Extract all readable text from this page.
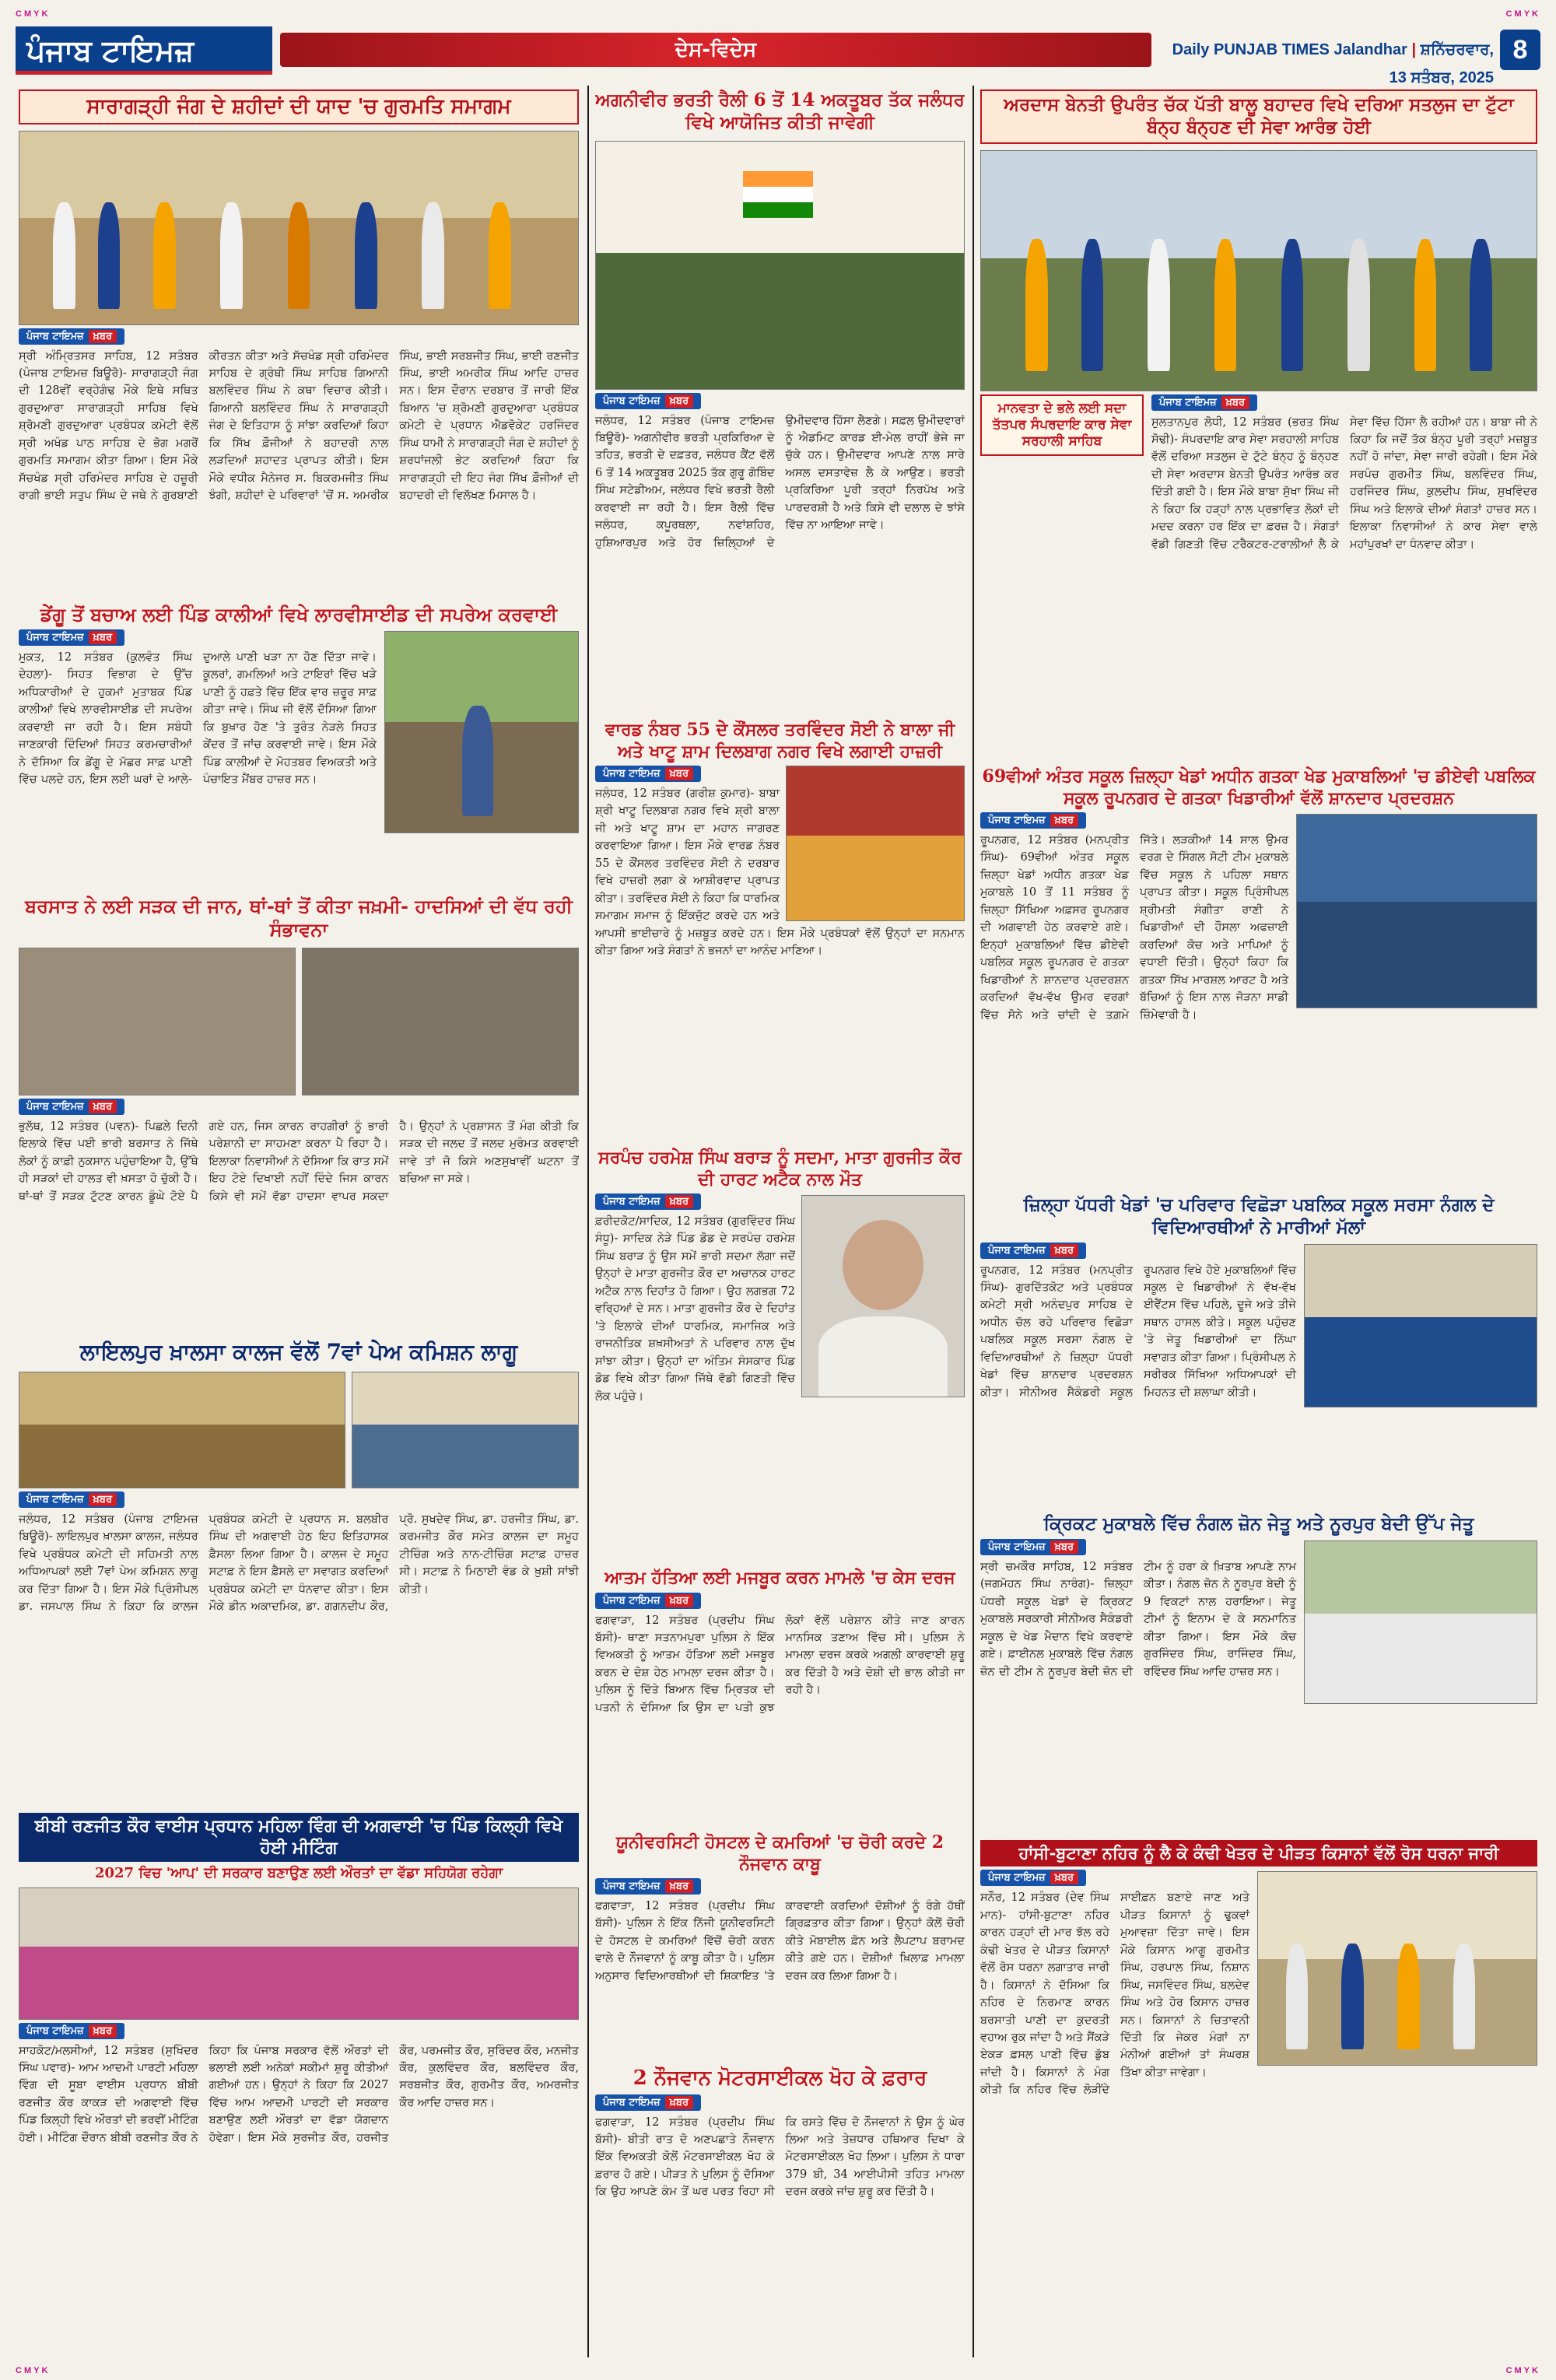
CMYK	CMYK
CMYK	CMYK
ਪੰਜਾਬ ਟਾਇਮਜ਼	ਦੇਸ-ਵਿਦੇਸ	Daily PUNJAB TIMES Jalandhar | ਸ਼ਨਿੱਚਰਵਾਰ, 13 ਸਤੰਬਰ, 2025
8
ਸਾਰਾਗੜ੍ਹੀ ਜੰਗ ਦੇ ਸ਼ਹੀਦਾਂ ਦੀ ਯਾਦ 'ਚ ਗੁਰਮਤਿ ਸਮਾਗਮ
ਪੰਜਾਬ ਟਾਇਮਜ਼ ਖ਼ਬਰ
ਸ੍ਰੀ ਅੰਮ੍ਰਿਤਸਰ ਸਾਹਿਬ, 12 ਸਤੰਬਰ (ਪੰਜਾਬ ਟਾਇਮਜ਼ ਬਿਊਰੋ)- ਸਾਰਾਗੜ੍ਹੀ ਜੰਗ ਦੀ 128ਵੀਂ ਵਰ੍ਹੇਗੰਢ ਮੌਕੇ ਇਥੇ ਸਥਿਤ ਗੁਰਦੁਆਰਾ ਸਾਰਾਗੜ੍ਹੀ ਸਾਹਿਬ ਵਿਖੇ ਸ਼੍ਰੋਮਣੀ ਗੁਰਦੁਆਰਾ ਪ੍ਰਬੰਧਕ ਕਮੇਟੀ ਵੱਲੋਂ ਸ੍ਰੀ ਅਖੰਡ ਪਾਠ ਸਾਹਿਬ ਦੇ ਭੋਗ ਮਗਰੋਂ ਗੁਰਮਤਿ ਸਮਾਗਮ ਕੀਤਾ ਗਿਆ। ਇਸ ਮੌਕੇ ਸੱਚਖੰਡ ਸ੍ਰੀ ਹਰਿਮੰਦਰ ਸਾਹਿਬ ਦੇ ਹਜ਼ੂਰੀ ਰਾਗੀ ਭਾਈ ਸਤੁਪ ਸਿੰਘ ਦੇ ਜਥੇ ਨੇ ਗੁਰਬਾਣੀ ਕੀਰਤਨ ਕੀਤਾ ਅਤੇ ਸੱਚਖੰਡ ਸ੍ਰੀ ਹਰਿਮੰਦਰ ਸਾਹਿਬ ਦੇ ਗ੍ਰੰਥੀ ਸਿੰਘ ਸਾਹਿਬ ਗਿਆਨੀ ਬਲਵਿੰਦਰ ਸਿੰਘ ਨੇ ਕਥਾ ਵਿਚਾਰ ਕੀਤੀ। ਗਿਆਨੀ ਬਲਵਿੰਦਰ ਸਿੰਘ ਨੇ ਸਾਰਾਗੜ੍ਹੀ ਜੰਗ ਦੇ ਇਤਿਹਾਸ ਨੂੰ ਸਾਂਝਾ ਕਰਦਿਆਂ ਕਿਹਾ ਕਿ ਸਿੱਖ ਫ਼ੌਜੀਆਂ ਨੇ ਬਹਾਦਰੀ ਨਾਲ ਲੜਦਿਆਂ ਸ਼ਹਾਦਤ ਪ੍ਰਾਪਤ ਕੀਤੀ। ਇਸ ਮੌਕੇ ਵਧੀਕ ਮੈਨੇਜਰ ਸ. ਬਿਕਰਮਜੀਤ ਸਿੰਘ ਝੰਗੀ, ਸ਼ਹੀਦਾਂ ਦੇ ਪਰਿਵਾਰਾਂ 'ਚੋਂ ਸ. ਅਮਰੀਕ ਸਿੰਘ, ਭਾਈ ਸਰਬਜੀਤ ਸਿੰਘ, ਭਾਈ ਰਣਜੀਤ ਸਿੰਘ, ਭਾਈ ਅਮਰੀਕ ਸਿੰਘ ਆਦਿ ਹਾਜ਼ਰ ਸਨ। ਇਸ ਦੌਰਾਨ ਦਰਬਾਰ ਤੋਂ ਜਾਰੀ ਇੱਕ ਬਿਆਨ 'ਚ ਸ਼੍ਰੋਮਣੀ ਗੁਰਦੁਆਰਾ ਪ੍ਰਬੰਧਕ ਕਮੇਟੀ ਦੇ ਪ੍ਰਧਾਨ ਐਡਵੋਕੇਟ ਹਰਜਿੰਦਰ ਸਿੰਘ ਧਾਮੀ ਨੇ ਸਾਰਾਗੜ੍ਹੀ ਜੰਗ ਦੇ ਸ਼ਹੀਦਾਂ ਨੂੰ ਸ਼ਰਧਾਂਜਲੀ ਭੇਟ ਕਰਦਿਆਂ ਕਿਹਾ ਕਿ ਸਾਰਾਗੜ੍ਹੀ ਦੀ ਇਹ ਜੰਗ ਸਿੱਖ ਫ਼ੌਜੀਆਂ ਦੀ ਬਹਾਦਰੀ ਦੀ ਵਿਲੱਖਣ ਮਿਸਾਲ ਹੈ।
ਡੇਂਗੂ ਤੋਂ ਬਚਾਅ ਲਈ ਪਿੰਡ ਕਾਲੀਆਂ ਵਿਖੇ ਲਾਰਵੀਸਾਈਡ ਦੀ ਸਪਰੇਅ ਕਰਵਾਈ
ਪੰਜਾਬ ਟਾਇਮਜ਼ ਖ਼ਬਰ
ਮੁਕਤ, 12 ਸਤੰਬਰ (ਕੁਲਵੰਤ ਸਿੰਘ ਦੇਹਲਾ)- ਸਿਹਤ ਵਿਭਾਗ ਦੇ ਉੱਚ ਅਧਿਕਾਰੀਆਂ ਦੇ ਹੁਕਮਾਂ ਮੁਤਾਬਕ ਪਿੰਡ ਕਾਲੀਆਂ ਵਿਖੇ ਲਾਰਵੀਸਾਈਡ ਦੀ ਸਪਰੇਅ ਕਰਵਾਈ ਜਾ ਰਹੀ ਹੈ। ਇਸ ਸਬੰਧੀ ਜਾਣਕਾਰੀ ਦਿੰਦਿਆਂ ਸਿਹਤ ਕਰਮਚਾਰੀਆਂ ਨੇ ਦੱਸਿਆ ਕਿ ਡੇਂਗੂ ਦੇ ਮੱਛਰ ਸਾਫ਼ ਪਾਣੀ ਵਿੱਚ ਪਲਦੇ ਹਨ, ਇਸ ਲਈ ਘਰਾਂ ਦੇ ਆਲੇ-ਦੁਆਲੇ ਪਾਣੀ ਖੜਾ ਨਾ ਹੋਣ ਦਿੱਤਾ ਜਾਵੇ। ਕੂਲਰਾਂ, ਗਮਲਿਆਂ ਅਤੇ ਟਾਇਰਾਂ ਵਿੱਚ ਖੜੇ ਪਾਣੀ ਨੂੰ ਹਫ਼ਤੇ ਵਿੱਚ ਇੱਕ ਵਾਰ ਜ਼ਰੂਰ ਸਾਫ਼ ਕੀਤਾ ਜਾਵੇ। ਸਿੰਘ ਜੀ ਵੱਲੋਂ ਦੱਸਿਆ ਗਿਆ ਕਿ ਬੁਖ਼ਾਰ ਹੋਣ 'ਤੇ ਤੁਰੰਤ ਨੇੜਲੇ ਸਿਹਤ ਕੇਂਦਰ ਤੋਂ ਜਾਂਚ ਕਰਵਾਈ ਜਾਵੇ। ਇਸ ਮੌਕੇ ਪਿੰਡ ਕਾਲੀਆਂ ਦੇ ਮੋਹਤਬਰ ਵਿਅਕਤੀ ਅਤੇ ਪੰਚਾਇਤ ਮੈਂਬਰ ਹਾਜ਼ਰ ਸਨ।
ਬਰਸਾਤ ਨੇ ਲਈ ਸੜਕ ਦੀ ਜਾਨ, ਥਾਂ-ਥਾਂ ਤੋਂ ਕੀਤਾ ਜਖ਼ਮੀ- ਹਾਦਸਿਆਂ ਦੀ ਵੱਧ ਰਹੀ ਸੰਭਾਵਨਾ
ਪੰਜਾਬ ਟਾਇਮਜ਼ ਖ਼ਬਰ
ਭੁਲੱਥ, 12 ਸਤੰਬਰ (ਪਵਨ)- ਪਿਛਲੇ ਦਿਨੀ ਇਲਾਕੇ ਵਿੱਚ ਪਈ ਭਾਰੀ ਬਰਸਾਤ ਨੇ ਜਿੱਥੇ ਲੋਕਾਂ ਨੂੰ ਕਾਫ਼ੀ ਨੁਕਸਾਨ ਪਹੁੰਚਾਇਆ ਹੈ, ਉੱਥੇ ਹੀ ਸੜਕਾਂ ਦੀ ਹਾਲਤ ਵੀ ਖ਼ਸਤਾ ਹੋ ਚੁੱਕੀ ਹੈ। ਥਾਂ-ਥਾਂ ਤੋਂ ਸੜਕ ਟੁੱਟਣ ਕਾਰਨ ਡੂੰਘੇ ਟੋਏ ਪੈ ਗਏ ਹਨ, ਜਿਸ ਕਾਰਨ ਰਾਹਗੀਰਾਂ ਨੂੰ ਭਾਰੀ ਪਰੇਸ਼ਾਨੀ ਦਾ ਸਾਹਮਣਾ ਕਰਨਾ ਪੈ ਰਿਹਾ ਹੈ। ਇਲਾਕਾ ਨਿਵਾਸੀਆਂ ਨੇ ਦੱਸਿਆ ਕਿ ਰਾਤ ਸਮੇਂ ਇਹ ਟੋਏ ਦਿਖਾਈ ਨਹੀਂ ਦਿੰਦੇ ਜਿਸ ਕਾਰਨ ਕਿਸੇ ਵੀ ਸਮੇਂ ਵੱਡਾ ਹਾਦਸਾ ਵਾਪਰ ਸਕਦਾ ਹੈ। ਉਨ੍ਹਾਂ ਨੇ ਪ੍ਰਸ਼ਾਸਨ ਤੋਂ ਮੰਗ ਕੀਤੀ ਕਿ ਸੜਕ ਦੀ ਜਲਦ ਤੋਂ ਜਲਦ ਮੁਰੰਮਤ ਕਰਵਾਈ ਜਾਵੇ ਤਾਂ ਜੋ ਕਿਸੇ ਅਣਸੁਖਾਵੀਂ ਘਟਨਾ ਤੋਂ ਬਚਿਆ ਜਾ ਸਕੇ।
ਲਾਇਲਪੁਰ ਖ਼ਾਲਸਾ ਕਾਲਜ ਵੱਲੋਂ 7ਵਾਂ ਪੇਅ ਕਮਿਸ਼ਨ ਲਾਗੂ
ਪੰਜਾਬ ਟਾਇਮਜ਼ ਖ਼ਬਰ
ਜਲੰਧਰ, 12 ਸਤੰਬਰ (ਪੰਜਾਬ ਟਾਇਮਜ਼ ਬਿਊਰੋ)- ਲਾਇਲਪੁਰ ਖ਼ਾਲਸਾ ਕਾਲਜ, ਜਲੰਧਰ ਵਿਖੇ ਪ੍ਰਬੰਧਕ ਕਮੇਟੀ ਦੀ ਸਹਿਮਤੀ ਨਾਲ ਅਧਿਆਪਕਾਂ ਲਈ 7ਵਾਂ ਪੇਅ ਕਮਿਸ਼ਨ ਲਾਗੂ ਕਰ ਦਿੱਤਾ ਗਿਆ ਹੈ। ਇਸ ਮੌਕੇ ਪ੍ਰਿੰਸੀਪਲ ਡਾ. ਜਸਪਾਲ ਸਿੰਘ ਨੇ ਕਿਹਾ ਕਿ ਕਾਲਜ ਪ੍ਰਬੰਧਕ ਕਮੇਟੀ ਦੇ ਪ੍ਰਧਾਨ ਸ. ਬਲਬੀਰ ਸਿੰਘ ਦੀ ਅਗਵਾਈ ਹੇਠ ਇਹ ਇਤਿਹਾਸਕ ਫ਼ੈਸਲਾ ਲਿਆ ਗਿਆ ਹੈ। ਕਾਲਜ ਦੇ ਸਮੂਹ ਸਟਾਫ਼ ਨੇ ਇਸ ਫ਼ੈਸਲੇ ਦਾ ਸਵਾਗਤ ਕਰਦਿਆਂ ਪ੍ਰਬੰਧਕ ਕਮੇਟੀ ਦਾ ਧੰਨਵਾਦ ਕੀਤਾ। ਇਸ ਮੌਕੇ ਡੀਨ ਅਕਾਦਮਿਕ, ਡਾ. ਗਗਨਦੀਪ ਕੌਰ, ਪ੍ਰੋ. ਸੁਖਦੇਵ ਸਿੰਘ, ਡਾ. ਹਰਜੀਤ ਸਿੰਘ, ਡਾ. ਕਰਮਜੀਤ ਕੌਰ ਸਮੇਤ ਕਾਲਜ ਦਾ ਸਮੂਹ ਟੀਚਿੰਗ ਅਤੇ ਨਾਨ-ਟੀਚਿੰਗ ਸਟਾਫ਼ ਹਾਜ਼ਰ ਸੀ। ਸਟਾਫ਼ ਨੇ ਮਿਠਾਈ ਵੰਡ ਕੇ ਖ਼ੁਸ਼ੀ ਸਾਂਝੀ ਕੀਤੀ।
ਬੀਬੀ ਰਣਜੀਤ ਕੌਰ ਵਾਈਸ ਪ੍ਰਧਾਨ ਮਹਿਲਾ ਵਿੰਗ ਦੀ ਅਗਵਾਈ 'ਚ ਪਿੰਡ ਕਿਲ੍ਹੀ ਵਿਖੇ ਹੋਈ ਮੀਟਿੰਗ
2027 ਵਿਚ 'ਆਪ' ਦੀ ਸਰਕਾਰ ਬਣਾਉਣ ਲਈ ਔਰਤਾਂ ਦਾ ਵੱਡਾ ਸਹਿਯੋਗ ਰਹੇਗਾ
ਪੰਜਾਬ ਟਾਇਮਜ਼ ਖ਼ਬਰ
ਸਾਹਕੋਟ/ਮਲਸੀਆਂ, 12 ਸਤੰਬਰ (ਸੁਖਿੰਦਰ ਸਿੰਘ ਪਵਾਰ)- ਆਮ ਆਦਮੀ ਪਾਰਟੀ ਮਹਿਲਾ ਵਿੰਗ ਦੀ ਸੂਬਾ ਵਾਈਸ ਪ੍ਰਧਾਨ ਬੀਬੀ ਰਣਜੀਤ ਕੌਰ ਕਾਕੜ ਦੀ ਅਗਵਾਈ ਵਿੱਚ ਪਿੰਡ ਕਿਲ੍ਹੀ ਵਿਖੇ ਔਰਤਾਂ ਦੀ ਭਰਵੀਂ ਮੀਟਿੰਗ ਹੋਈ। ਮੀਟਿੰਗ ਦੌਰਾਨ ਬੀਬੀ ਰਣਜੀਤ ਕੌਰ ਨੇ ਕਿਹਾ ਕਿ ਪੰਜਾਬ ਸਰਕਾਰ ਵੱਲੋਂ ਔਰਤਾਂ ਦੀ ਭਲਾਈ ਲਈ ਅਨੇਕਾਂ ਸਕੀਮਾਂ ਸ਼ੁਰੂ ਕੀਤੀਆਂ ਗਈਆਂ ਹਨ। ਉਨ੍ਹਾਂ ਨੇ ਕਿਹਾ ਕਿ 2027 ਵਿੱਚ ਆਮ ਆਦਮੀ ਪਾਰਟੀ ਦੀ ਸਰਕਾਰ ਬਣਾਉਣ ਲਈ ਔਰਤਾਂ ਦਾ ਵੱਡਾ ਯੋਗਦਾਨ ਹੋਵੇਗਾ। ਇਸ ਮੌਕੇ ਸੁਰਜੀਤ ਕੌਰ, ਹਰਜੀਤ ਕੌਰ, ਪਰਮਜੀਤ ਕੌਰ, ਸੁਰਿੰਦਰ ਕੌਰ, ਮਨਜੀਤ ਕੌਰ, ਕੁਲਵਿੰਦਰ ਕੌਰ, ਬਲਵਿੰਦਰ ਕੌਰ, ਸਰਬਜੀਤ ਕੌਰ, ਗੁਰਮੀਤ ਕੌਰ, ਅਮਰਜੀਤ ਕੌਰ ਆਦਿ ਹਾਜ਼ਰ ਸਨ।
ਅਗਨੀਵੀਰ ਭਰਤੀ ਰੈਲੀ 6 ਤੋਂ 14 ਅਕਤੂਬਰ ਤੱਕ ਜਲੰਧਰ ਵਿਖੇ ਆਯੋਜਿਤ ਕੀਤੀ ਜਾਵੇਗੀ
ਪੰਜਾਬ ਟਾਇਮਜ਼ ਖ਼ਬਰ
ਜਲੰਧਰ, 12 ਸਤੰਬਰ (ਪੰਜਾਬ ਟਾਇਮਜ਼ ਬਿਊਰੋ)- ਅਗਨੀਵੀਰ ਭਰਤੀ ਪ੍ਰਕਿਰਿਆ ਦੇ ਤਹਿਤ, ਭਰਤੀ ਦੇ ਦਫ਼ਤਰ, ਜਲੰਧਰ ਕੈਂਟ ਵੱਲੋਂ 6 ਤੋਂ 14 ਅਕਤੂਬਰ 2025 ਤੱਕ ਗੁਰੂ ਗੋਬਿੰਦ ਸਿੰਘ ਸਟੇਡੀਅਮ, ਜਲੰਧਰ ਵਿਖੇ ਭਰਤੀ ਰੈਲੀ ਕਰਵਾਈ ਜਾ ਰਹੀ ਹੈ। ਇਸ ਰੈਲੀ ਵਿੱਚ ਜਲੰਧਰ, ਕਪੂਰਥਲਾ, ਨਵਾਂਸ਼ਹਿਰ, ਹੁਸ਼ਿਆਰਪੁਰ ਅਤੇ ਹੋਰ ਜ਼ਿਲ੍ਹਿਆਂ ਦੇ ਉਮੀਦਵਾਰ ਹਿੱਸਾ ਲੈਣਗੇ। ਸਫ਼ਲ ਉਮੀਦਵਾਰਾਂ ਨੂੰ ਐਡਮਿਟ ਕਾਰਡ ਈ-ਮੇਲ ਰਾਹੀਂ ਭੇਜੇ ਜਾ ਚੁੱਕੇ ਹਨ। ਉਮੀਦਵਾਰ ਆਪਣੇ ਨਾਲ ਸਾਰੇ ਅਸਲ ਦਸਤਾਵੇਜ਼ ਲੈ ਕੇ ਆਉਣ। ਭਰਤੀ ਪ੍ਰਕਿਰਿਆ ਪੂਰੀ ਤਰ੍ਹਾਂ ਨਿਰਪੱਖ ਅਤੇ ਪਾਰਦਰਸ਼ੀ ਹੈ ਅਤੇ ਕਿਸੇ ਵੀ ਦਲਾਲ ਦੇ ਝਾਂਸੇ ਵਿੱਚ ਨਾ ਆਇਆ ਜਾਵੇ।
ਵਾਰਡ ਨੰਬਰ 55 ਦੇ ਕੌਂਸਲਰ ਤਰਵਿੰਦਰ ਸੋਈ ਨੇ ਬਾਲਾ ਜੀ ਅਤੇ ਖਾਟੂ ਸ਼ਾਮ ਦਿਲਬਾਗ ਨਗਰ ਵਿਖੇ ਲਗਾਈ ਹਾਜ਼ਰੀ
ਪੰਜਾਬ ਟਾਇਮਜ਼ ਖ਼ਬਰ
ਜਲੰਧਰ, 12 ਸਤੰਬਰ (ਗਰੀਸ਼ ਕੁਮਾਰ)- ਬਾਬਾ ਸ਼੍ਰੀ ਖਾਟੂ ਦਿਲਬਾਗ ਨਗਰ ਵਿਖੇ ਸ਼੍ਰੀ ਬਾਲਾ ਜੀ ਅਤੇ ਖਾਟੂ ਸ਼ਾਮ ਦਾ ਮਹਾਨ ਜਾਗਰਣ ਕਰਵਾਇਆ ਗਿਆ। ਇਸ ਮੌਕੇ ਵਾਰਡ ਨੰਬਰ 55 ਦੇ ਕੌਂਸਲਰ ਤਰਵਿੰਦਰ ਸੋਈ ਨੇ ਦਰਬਾਰ ਵਿਖੇ ਹਾਜ਼ਰੀ ਲਗਾ ਕੇ ਆਸ਼ੀਰਵਾਦ ਪ੍ਰਾਪਤ ਕੀਤਾ। ਤਰਵਿੰਦਰ ਸੋਈ ਨੇ ਕਿਹਾ ਕਿ ਧਾਰਮਿਕ ਸਮਾਗਮ ਸਮਾਜ ਨੂੰ ਇੱਕਜੁੱਟ ਕਰਦੇ ਹਨ ਅਤੇ ਆਪਸੀ ਭਾਈਚਾਰੇ ਨੂੰ ਮਜ਼ਬੂਤ ਕਰਦੇ ਹਨ। ਇਸ ਮੌਕੇ ਪ੍ਰਬੰਧਕਾਂ ਵੱਲੋਂ ਉਨ੍ਹਾਂ ਦਾ ਸਨਮਾਨ ਕੀਤਾ ਗਿਆ ਅਤੇ ਸੰਗਤਾਂ ਨੇ ਭਜਨਾਂ ਦਾ ਆਨੰਦ ਮਾਣਿਆ।
ਸਰਪੰਚ ਹਰਮੇਸ਼ ਸਿੰਘ ਬਰਾੜ ਨੂੰ ਸਦਮਾ, ਮਾਤਾ ਗੁਰਜੀਤ ਕੌਰ ਦੀ ਹਾਰਟ ਅਟੈਕ ਨਾਲ ਮੌਤ
ਪੰਜਾਬ ਟਾਇਮਜ਼ ਖ਼ਬਰ
ਫ਼ਰੀਦਕੋਟ/ਸਾਦਿਕ, 12 ਸਤੰਬਰ (ਗੁਰਵਿੰਦਰ ਸਿੰਘ ਸੰਧੂ)- ਸਾਦਿਕ ਨੇੜੇ ਪਿੰਡ ਡੋਡ ਦੇ ਸਰਪੰਚ ਹਰਮੇਸ਼ ਸਿੰਘ ਬਰਾੜ ਨੂੰ ਉਸ ਸਮੇਂ ਭਾਰੀ ਸਦਮਾ ਲੱਗਾ ਜਦੋਂ ਉਨ੍ਹਾਂ ਦੇ ਮਾਤਾ ਗੁਰਜੀਤ ਕੌਰ ਦਾ ਅਚਾਨਕ ਹਾਰਟ ਅਟੈਕ ਨਾਲ ਦਿਹਾਂਤ ਹੋ ਗਿਆ। ਉਹ ਲਗਭਗ 72 ਵਰ੍ਹਿਆਂ ਦੇ ਸਨ। ਮਾਤਾ ਗੁਰਜੀਤ ਕੌਰ ਦੇ ਦਿਹਾਂਤ 'ਤੇ ਇਲਾਕੇ ਦੀਆਂ ਧਾਰਮਿਕ, ਸਮਾਜਿਕ ਅਤੇ ਰਾਜਨੀਤਿਕ ਸ਼ਖ਼ਸੀਅਤਾਂ ਨੇ ਪਰਿਵਾਰ ਨਾਲ ਦੁੱਖ ਸਾਂਝਾ ਕੀਤਾ। ਉਨ੍ਹਾਂ ਦਾ ਅੰਤਿਮ ਸੰਸਕਾਰ ਪਿੰਡ ਡੋਡ ਵਿਖੇ ਕੀਤਾ ਗਿਆ ਜਿੱਥੇ ਵੱਡੀ ਗਿਣਤੀ ਵਿੱਚ ਲੋਕ ਪਹੁੰਚੇ।
ਆਤਮ ਹੱਤਿਆ ਲਈ ਮਜਬੂਰ ਕਰਨ ਮਾਮਲੇ 'ਚ ਕੇਸ ਦਰਜ
ਪੰਜਾਬ ਟਾਇਮਜ਼ ਖ਼ਬਰ
ਫਗਵਾੜਾ, 12 ਸਤੰਬਰ (ਪ੍ਰਦੀਪ ਸਿੰਘ ਬੱਸੀ)- ਥਾਣਾ ਸਤਨਾਮਪੁਰਾ ਪੁਲਿਸ ਨੇ ਇੱਕ ਵਿਅਕਤੀ ਨੂੰ ਆਤਮ ਹੱਤਿਆ ਲਈ ਮਜਬੂਰ ਕਰਨ ਦੇ ਦੋਸ਼ ਹੇਠ ਮਾਮਲਾ ਦਰਜ ਕੀਤਾ ਹੈ। ਪੁਲਿਸ ਨੂੰ ਦਿੱਤੇ ਬਿਆਨ ਵਿੱਚ ਮ੍ਰਿਤਕ ਦੀ ਪਤਨੀ ਨੇ ਦੱਸਿਆ ਕਿ ਉਸ ਦਾ ਪਤੀ ਕੁਝ ਲੋਕਾਂ ਵੱਲੋਂ ਪਰੇਸ਼ਾਨ ਕੀਤੇ ਜਾਣ ਕਾਰਨ ਮਾਨਸਿਕ ਤਣਾਅ ਵਿੱਚ ਸੀ। ਪੁਲਿਸ ਨੇ ਮਾਮਲਾ ਦਰਜ ਕਰਕੇ ਅਗਲੀ ਕਾਰਵਾਈ ਸ਼ੁਰੂ ਕਰ ਦਿੱਤੀ ਹੈ ਅਤੇ ਦੋਸ਼ੀ ਦੀ ਭਾਲ ਕੀਤੀ ਜਾ ਰਹੀ ਹੈ।
ਯੂਨੀਵਰਸਿਟੀ ਹੋਸਟਲ ਦੇ ਕਮਰਿਆਂ 'ਚ ਚੋਰੀ ਕਰਦੇ 2 ਨੌਜਵਾਨ ਕਾਬੂ
ਪੰਜਾਬ ਟਾਇਮਜ਼ ਖ਼ਬਰ
ਫਗਵਾੜਾ, 12 ਸਤੰਬਰ (ਪ੍ਰਦੀਪ ਸਿੰਘ ਬੱਸੀ)- ਪੁਲਿਸ ਨੇ ਇੱਕ ਨਿੱਜੀ ਯੂਨੀਵਰਸਿਟੀ ਦੇ ਹੋਸਟਲ ਦੇ ਕਮਰਿਆਂ ਵਿੱਚੋਂ ਚੋਰੀ ਕਰਨ ਵਾਲੇ ਦੋ ਨੌਜਵਾਨਾਂ ਨੂੰ ਕਾਬੂ ਕੀਤਾ ਹੈ। ਪੁਲਿਸ ਅਨੁਸਾਰ ਵਿਦਿਆਰਥੀਆਂ ਦੀ ਸ਼ਿਕਾਇਤ 'ਤੇ ਕਾਰਵਾਈ ਕਰਦਿਆਂ ਦੋਸ਼ੀਆਂ ਨੂੰ ਰੰਗੇ ਹੱਥੀਂ ਗ੍ਰਿਫ਼ਤਾਰ ਕੀਤਾ ਗਿਆ। ਉਨ੍ਹਾਂ ਕੋਲੋਂ ਚੋਰੀ ਕੀਤੇ ਮੋਬਾਈਲ ਫ਼ੋਨ ਅਤੇ ਲੈਪਟਾਪ ਬਰਾਮਦ ਕੀਤੇ ਗਏ ਹਨ। ਦੋਸ਼ੀਆਂ ਖ਼ਿਲਾਫ਼ ਮਾਮਲਾ ਦਰਜ ਕਰ ਲਿਆ ਗਿਆ ਹੈ।
2 ਨੌਜਵਾਨ ਮੋਟਰਸਾਈਕਲ ਖੋਹ ਕੇ ਫ਼ਰਾਰ
ਪੰਜਾਬ ਟਾਇਮਜ਼ ਖ਼ਬਰ
ਫਗਵਾੜਾ, 12 ਸਤੰਬਰ (ਪ੍ਰਦੀਪ ਸਿੰਘ ਬੱਸੀ)- ਬੀਤੀ ਰਾਤ ਦੋ ਅਣਪਛਾਤੇ ਨੌਜਵਾਨ ਇੱਕ ਵਿਅਕਤੀ ਕੋਲੋਂ ਮੋਟਰਸਾਈਕਲ ਖੋਹ ਕੇ ਫ਼ਰਾਰ ਹੋ ਗਏ। ਪੀੜਤ ਨੇ ਪੁਲਿਸ ਨੂੰ ਦੱਸਿਆ ਕਿ ਉਹ ਆਪਣੇ ਕੰਮ ਤੋਂ ਘਰ ਪਰਤ ਰਿਹਾ ਸੀ ਕਿ ਰਸਤੇ ਵਿੱਚ ਦੋ ਨੌਜਵਾਨਾਂ ਨੇ ਉਸ ਨੂੰ ਘੇਰ ਲਿਆ ਅਤੇ ਤੇਜ਼ਧਾਰ ਹਥਿਆਰ ਦਿਖਾ ਕੇ ਮੋਟਰਸਾਈਕਲ ਖੋਹ ਲਿਆ। ਪੁਲਿਸ ਨੇ ਧਾਰਾ 379 ਬੀ, 34 ਆਈਪੀਸੀ ਤਹਿਤ ਮਾਮਲਾ ਦਰਜ ਕਰਕੇ ਜਾਂਚ ਸ਼ੁਰੂ ਕਰ ਦਿੱਤੀ ਹੈ।
ਅਰਦਾਸ ਬੇਨਤੀ ਉਪਰੰਤ ਚੱਕ ਪੱਤੀ ਬਾਲੂ ਬਹਾਦਰ ਵਿਖੇ ਦਰਿਆ ਸਤਲੁਜ ਦਾ ਟੁੱਟਾ ਬੰਨ੍ਹ ਬੰਨ੍ਹਣ ਦੀ ਸੇਵਾ ਆਰੰਭ ਹੋਈ
ਪੰਜਾਬ ਟਾਇਮਜ਼ ਖ਼ਬਰ
ਮਾਨਵਤਾ ਦੇ ਭਲੇ ਲਈ ਸਦਾ ਤੱਤਪਰ ਸੰਪਰਦਾਇ ਕਾਰ ਸੇਵਾ ਸਰਹਾਲੀ ਸਾਹਿਬ
ਸੁਲਤਾਨਪੁਰ ਲੋਧੀ, 12 ਸਤੰਬਰ (ਭਰਤ ਸਿੰਘ ਸੋਢੀ)- ਸੰਪਰਦਾਇ ਕਾਰ ਸੇਵਾ ਸਰਹਾਲੀ ਸਾਹਿਬ ਵੱਲੋਂ ਦਰਿਆ ਸਤਲੁਜ ਦੇ ਟੁੱਟੇ ਬੰਨ੍ਹ ਨੂੰ ਬੰਨ੍ਹਣ ਦੀ ਸੇਵਾ ਅਰਦਾਸ ਬੇਨਤੀ ਉਪਰੰਤ ਆਰੰਭ ਕਰ ਦਿੱਤੀ ਗਈ ਹੈ। ਇਸ ਮੌਕੇ ਬਾਬਾ ਸੁੱਖਾ ਸਿੰਘ ਜੀ ਨੇ ਕਿਹਾ ਕਿ ਹੜ੍ਹਾਂ ਨਾਲ ਪ੍ਰਭਾਵਿਤ ਲੋਕਾਂ ਦੀ ਮਦਦ ਕਰਨਾ ਹਰ ਇੱਕ ਦਾ ਫ਼ਰਜ਼ ਹੈ। ਸੰਗਤਾਂ ਵੱਡੀ ਗਿਣਤੀ ਵਿੱਚ ਟਰੈਕਟਰ-ਟਰਾਲੀਆਂ ਲੈ ਕੇ ਸੇਵਾ ਵਿੱਚ ਹਿੱਸਾ ਲੈ ਰਹੀਆਂ ਹਨ। ਬਾਬਾ ਜੀ ਨੇ ਕਿਹਾ ਕਿ ਜਦੋਂ ਤੱਕ ਬੰਨ੍ਹ ਪੂਰੀ ਤਰ੍ਹਾਂ ਮਜ਼ਬੂਤ ਨਹੀਂ ਹੋ ਜਾਂਦਾ, ਸੇਵਾ ਜਾਰੀ ਰਹੇਗੀ। ਇਸ ਮੌਕੇ ਸਰਪੰਚ ਗੁਰਮੀਤ ਸਿੰਘ, ਬਲਵਿੰਦਰ ਸਿੰਘ, ਹਰਜਿੰਦਰ ਸਿੰਘ, ਕੁਲਦੀਪ ਸਿੰਘ, ਸੁਖਵਿੰਦਰ ਸਿੰਘ ਅਤੇ ਇਲਾਕੇ ਦੀਆਂ ਸੰਗਤਾਂ ਹਾਜ਼ਰ ਸਨ। ਇਲਾਕਾ ਨਿਵਾਸੀਆਂ ਨੇ ਕਾਰ ਸੇਵਾ ਵਾਲੇ ਮਹਾਂਪੁਰਖਾਂ ਦਾ ਧੰਨਵਾਦ ਕੀਤਾ।
69ਵੀਆਂ ਅੰਤਰ ਸਕੂਲ ਜ਼ਿਲ੍ਹਾ ਖੇਡਾਂ ਅਧੀਨ ਗਤਕਾ ਖੇਡ ਮੁਕਾਬਲਿਆਂ 'ਚ ਡੀਏਵੀ ਪਬਲਿਕ ਸਕੂਲ ਰੂਪਨਗਰ ਦੇ ਗਤਕਾ ਖਿਡਾਰੀਆਂ ਵੱਲੋਂ ਸ਼ਾਨਦਾਰ ਪ੍ਰਦਰਸ਼ਨ
ਪੰਜਾਬ ਟਾਇਮਜ਼ ਖ਼ਬਰ
ਰੂਪਨਗਰ, 12 ਸਤੰਬਰ (ਮਨਪ੍ਰੀਤ ਸਿੰਘ)- 69ਵੀਆਂ ਅੰਤਰ ਸਕੂਲ ਜ਼ਿਲ੍ਹਾ ਖੇਡਾਂ ਅਧੀਨ ਗਤਕਾ ਖੇਡ ਮੁਕਾਬਲੇ 10 ਤੋਂ 11 ਸਤੰਬਰ ਨੂੰ ਜ਼ਿਲ੍ਹਾ ਸਿੱਖਿਆ ਅਫ਼ਸਰ ਰੂਪਨਗਰ ਦੀ ਅਗਵਾਈ ਹੇਠ ਕਰਵਾਏ ਗਏ। ਇਨ੍ਹਾਂ ਮੁਕਾਬਲਿਆਂ ਵਿੱਚ ਡੀਏਵੀ ਪਬਲਿਕ ਸਕੂਲ ਰੂਪਨਗਰ ਦੇ ਗਤਕਾ ਖਿਡਾਰੀਆਂ ਨੇ ਸ਼ਾਨਦਾਰ ਪ੍ਰਦਰਸ਼ਨ ਕਰਦਿਆਂ ਵੱਖ-ਵੱਖ ਉਮਰ ਵਰਗਾਂ ਵਿੱਚ ਸੋਨੇ ਅਤੇ ਚਾਂਦੀ ਦੇ ਤਗ਼ਮੇ ਜਿੱਤੇ। ਲੜਕੀਆਂ 14 ਸਾਲ ਉਮਰ ਵਰਗ ਦੇ ਸਿੰਗਲ ਸੋਟੀ ਟੀਮ ਮੁਕਾਬਲੇ ਵਿੱਚ ਸਕੂਲ ਨੇ ਪਹਿਲਾ ਸਥਾਨ ਪ੍ਰਾਪਤ ਕੀਤਾ। ਸਕੂਲ ਪ੍ਰਿੰਸੀਪਲ ਸ਼੍ਰੀਮਤੀ ਸੰਗੀਤਾ ਰਾਣੀ ਨੇ ਖਿਡਾਰੀਆਂ ਦੀ ਹੌਸਲਾ ਅਫਜ਼ਾਈ ਕਰਦਿਆਂ ਕੋਚ ਅਤੇ ਮਾਪਿਆਂ ਨੂੰ ਵਧਾਈ ਦਿੱਤੀ। ਉਨ੍ਹਾਂ ਕਿਹਾ ਕਿ ਗਤਕਾ ਸਿੱਖ ਮਾਰਸ਼ਲ ਆਰਟ ਹੈ ਅਤੇ ਬੱਚਿਆਂ ਨੂੰ ਇਸ ਨਾਲ ਜੋੜਨਾ ਸਾਡੀ ਜ਼ਿੰਮੇਵਾਰੀ ਹੈ।
ਜ਼ਿਲ੍ਹਾ ਪੱਧਰੀ ਖੇਡਾਂ 'ਚ ਪਰਿਵਾਰ ਵਿਛੋੜਾ ਪਬਲਿਕ ਸਕੂਲ ਸਰਸਾ ਨੰਗਲ ਦੇ ਵਿਦਿਆਰਥੀਆਂ ਨੇ ਮਾਰੀਆਂ ਮੱਲਾਂ
ਪੰਜਾਬ ਟਾਇਮਜ਼ ਖ਼ਬਰ
ਰੂਪਨਗਰ, 12 ਸਤੰਬਰ (ਮਨਪ੍ਰੀਤ ਸਿੰਘ)- ਗੁਰਦਿੱਤਕੋਟ ਅਤੇ ਪ੍ਰਬੰਧਕ ਕਮੇਟੀ ਸ੍ਰੀ ਅਨੰਦਪੁਰ ਸਾਹਿਬ ਦੇ ਅਧੀਨ ਚੱਲ ਰਹੇ ਪਰਿਵਾਰ ਵਿਛੋੜਾ ਪਬਲਿਕ ਸਕੂਲ ਸਰਸਾ ਨੰਗਲ ਦੇ ਵਿਦਿਆਰਥੀਆਂ ਨੇ ਜ਼ਿਲ੍ਹਾ ਪੱਧਰੀ ਖੇਡਾਂ ਵਿੱਚ ਸ਼ਾਨਦਾਰ ਪ੍ਰਦਰਸ਼ਨ ਕੀਤਾ। ਸੀਨੀਅਰ ਸੈਕੰਡਰੀ ਸਕੂਲ ਰੂਪਨਗਰ ਵਿਖੇ ਹੋਏ ਮੁਕਾਬਲਿਆਂ ਵਿੱਚ ਸਕੂਲ ਦੇ ਖਿਡਾਰੀਆਂ ਨੇ ਵੱਖ-ਵੱਖ ਈਵੈਂਟਸ ਵਿੱਚ ਪਹਿਲੇ, ਦੂਜੇ ਅਤੇ ਤੀਜੇ ਸਥਾਨ ਹਾਸਲ ਕੀਤੇ। ਸਕੂਲ ਪਹੁੰਚਣ 'ਤੇ ਜੇਤੂ ਖਿਡਾਰੀਆਂ ਦਾ ਨਿੱਘਾ ਸਵਾਗਤ ਕੀਤਾ ਗਿਆ। ਪ੍ਰਿੰਸੀਪਲ ਨੇ ਸਰੀਰਕ ਸਿੱਖਿਆ ਅਧਿਆਪਕਾਂ ਦੀ ਮਿਹਨਤ ਦੀ ਸ਼ਲਾਘਾ ਕੀਤੀ।
ਕ੍ਰਿਕਟ ਮੁਕਾਬਲੇ ਵਿੱਚ ਨੰਗਲ ਜ਼ੋਨ ਜੇਤੂ ਅਤੇ ਨੂਰਪੁਰ ਬੇਦੀ ਉੱਪ ਜੇਤੂ
ਪੰਜਾਬ ਟਾਇਮਜ਼ ਖ਼ਬਰ
ਸ੍ਰੀ ਚਮਕੌਰ ਸਾਹਿਬ, 12 ਸਤੰਬਰ (ਜਗਮੋਹਨ ਸਿੰਘ ਨਾਰੰਗ)- ਜ਼ਿਲ੍ਹਾ ਪੱਧਰੀ ਸਕੂਲ ਖੇਡਾਂ ਦੇ ਕ੍ਰਿਕਟ ਮੁਕਾਬਲੇ ਸਰਕਾਰੀ ਸੀਨੀਅਰ ਸੈਕੰਡਰੀ ਸਕੂਲ ਦੇ ਖੇਡ ਮੈਦਾਨ ਵਿਖੇ ਕਰਵਾਏ ਗਏ। ਫ਼ਾਈਨਲ ਮੁਕਾਬਲੇ ਵਿੱਚ ਨੰਗਲ ਜ਼ੋਨ ਦੀ ਟੀਮ ਨੇ ਨੂਰਪੁਰ ਬੇਦੀ ਜ਼ੋਨ ਦੀ ਟੀਮ ਨੂੰ ਹਰਾ ਕੇ ਖ਼ਿਤਾਬ ਆਪਣੇ ਨਾਮ ਕੀਤਾ। ਨੰਗਲ ਜ਼ੋਨ ਨੇ ਨੂਰਪੁਰ ਬੇਦੀ ਨੂੰ 9 ਵਿਕਟਾਂ ਨਾਲ ਹਰਾਇਆ। ਜੇਤੂ ਟੀਮਾਂ ਨੂੰ ਇਨਾਮ ਦੇ ਕੇ ਸਨਮਾਨਿਤ ਕੀਤਾ ਗਿਆ। ਇਸ ਮੌਕੇ ਕੋਚ ਗੁਰਜਿੰਦਰ ਸਿੰਘ, ਰਾਜਿੰਦਰ ਸਿੰਘ, ਰਵਿੰਦਰ ਸਿੰਘ ਆਦਿ ਹਾਜ਼ਰ ਸਨ।
ਹਾਂਸੀ-ਬੁਟਾਣਾ ਨਹਿਰ ਨੂੰ ਲੈ ਕੇ ਕੰਢੀ ਖੇਤਰ ਦੇ ਪੀੜਤ ਕਿਸਾਨਾਂ ਵੱਲੋਂ ਰੋਸ ਧਰਨਾ ਜਾਰੀ
ਪੰਜਾਬ ਟਾਇਮਜ਼ ਖ਼ਬਰ
ਸਨੌਰ, 12 ਸਤੰਬਰ (ਦੇਵ ਸਿੰਘ ਮਾਨ)- ਹਾਂਸੀ-ਬੁਟਾਣਾ ਨਹਿਰ ਕਾਰਨ ਹੜ੍ਹਾਂ ਦੀ ਮਾਰ ਝੱਲ ਰਹੇ ਕੰਢੀ ਖੇਤਰ ਦੇ ਪੀੜਤ ਕਿਸਾਨਾਂ ਵੱਲੋਂ ਰੋਸ ਧਰਨਾ ਲਗਾਤਾਰ ਜਾਰੀ ਹੈ। ਕਿਸਾਨਾਂ ਨੇ ਦੱਸਿਆ ਕਿ ਨਹਿਰ ਦੇ ਨਿਰਮਾਣ ਕਾਰਨ ਬਰਸਾਤੀ ਪਾਣੀ ਦਾ ਕੁਦਰਤੀ ਵਹਾਅ ਰੁਕ ਜਾਂਦਾ ਹੈ ਅਤੇ ਸੈਂਕੜੇ ਏਕੜ ਫ਼ਸਲ ਪਾਣੀ ਵਿੱਚ ਡੁੱਬ ਜਾਂਦੀ ਹੈ। ਕਿਸਾਨਾਂ ਨੇ ਮੰਗ ਕੀਤੀ ਕਿ ਨਹਿਰ ਵਿੱਚ ਲੋੜੀਂਦੇ ਸਾਈਫ਼ਨ ਬਣਾਏ ਜਾਣ ਅਤੇ ਪੀੜਤ ਕਿਸਾਨਾਂ ਨੂੰ ਢੁਕਵਾਂ ਮੁਆਵਜ਼ਾ ਦਿੱਤਾ ਜਾਵੇ। ਇਸ ਮੌਕੇ ਕਿਸਾਨ ਆਗੂ ਗੁਰਮੀਤ ਸਿੰਘ, ਹਰਪਾਲ ਸਿੰਘ, ਨਿਸ਼ਾਨ ਸਿੰਘ, ਜਸਵਿੰਦਰ ਸਿੰਘ, ਬਲਦੇਵ ਸਿੰਘ ਅਤੇ ਹੋਰ ਕਿਸਾਨ ਹਾਜ਼ਰ ਸਨ। ਕਿਸਾਨਾਂ ਨੇ ਚਿਤਾਵਨੀ ਦਿੱਤੀ ਕਿ ਜੇਕਰ ਮੰਗਾਂ ਨਾ ਮੰਨੀਆਂ ਗਈਆਂ ਤਾਂ ਸੰਘਰਸ਼ ਤਿੱਖਾ ਕੀਤਾ ਜਾਵੇਗਾ।
